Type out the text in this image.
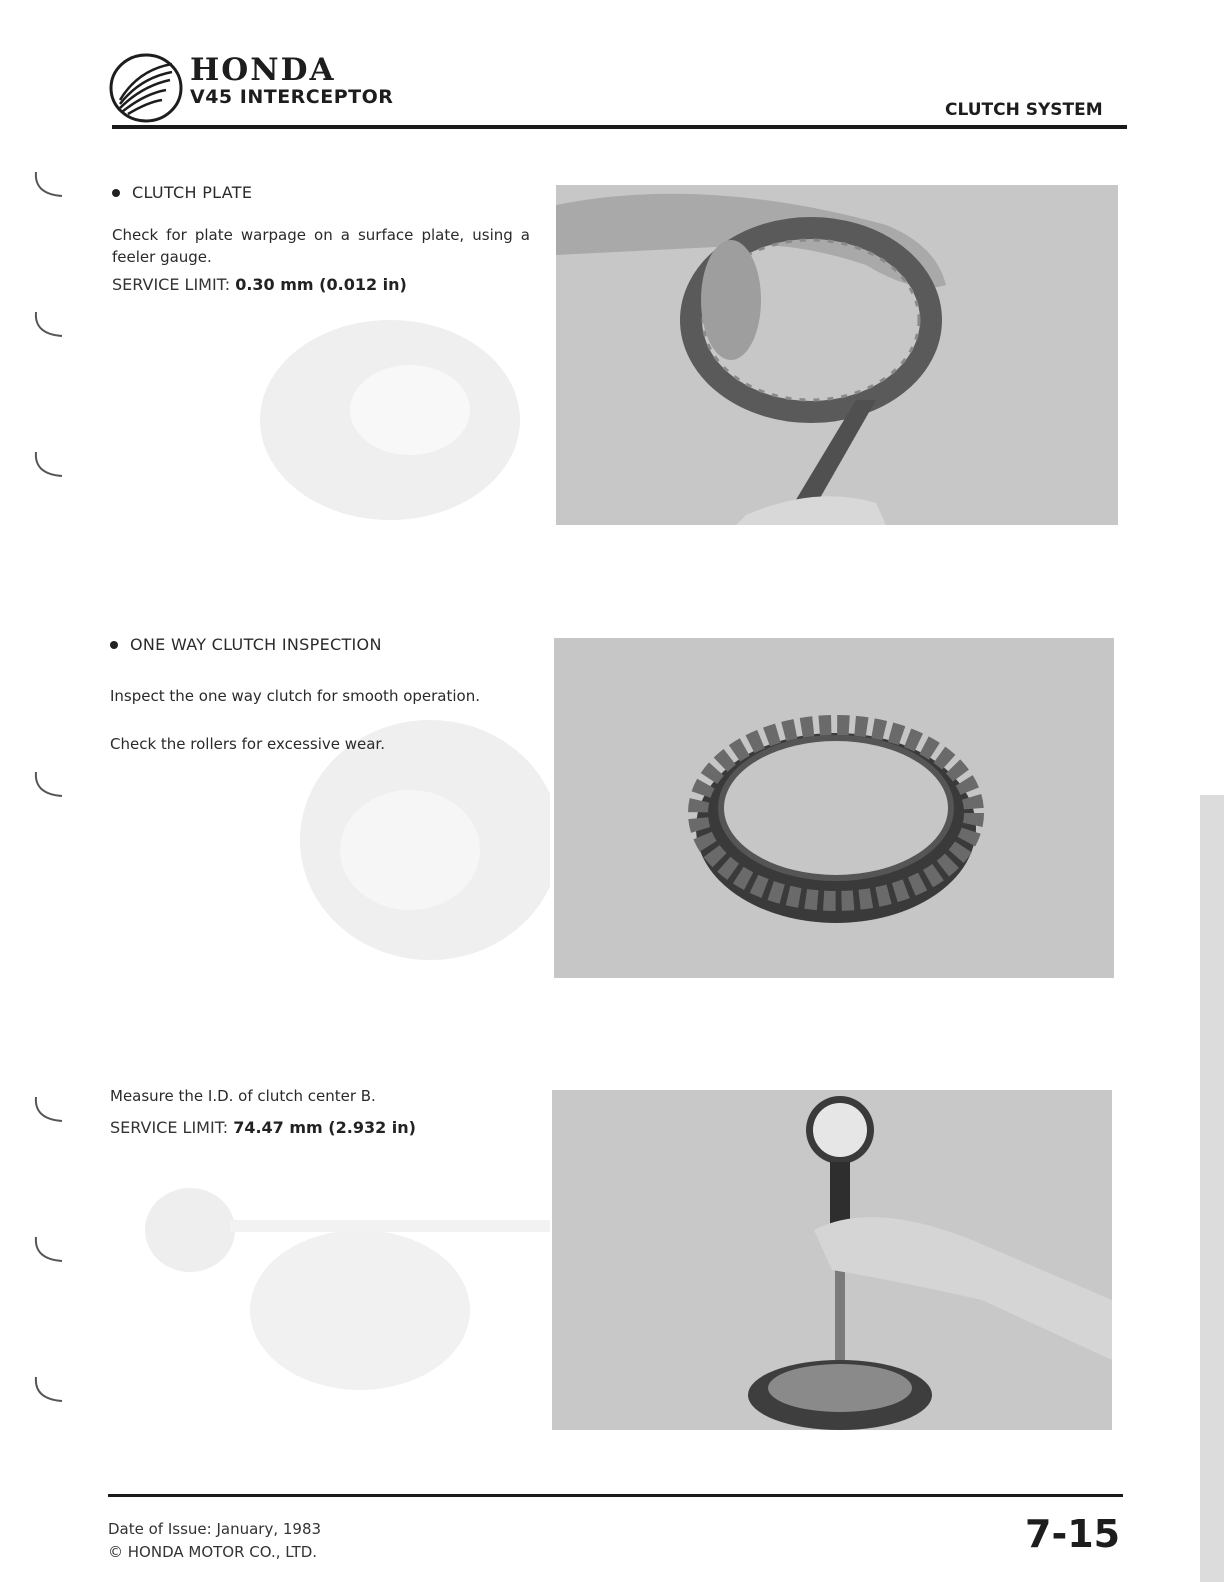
HONDA
V45 INTERCEPTOR
CLUTCH SYSTEM
CLUTCH PLATE
Check for plate warpage on a surface plate, using a feeler gauge.
SERVICE LIMIT: 0.30 mm (0.012 in)
ONE WAY CLUTCH INSPECTION
Inspect the one way clutch for smooth operation.
Check the rollers for excessive wear.
Measure the I.D. of clutch center B.
SERVICE LIMIT: 74.47 mm (2.932 in)
Date of Issue: January, 1983
© HONDA MOTOR CO., LTD.	7-15
